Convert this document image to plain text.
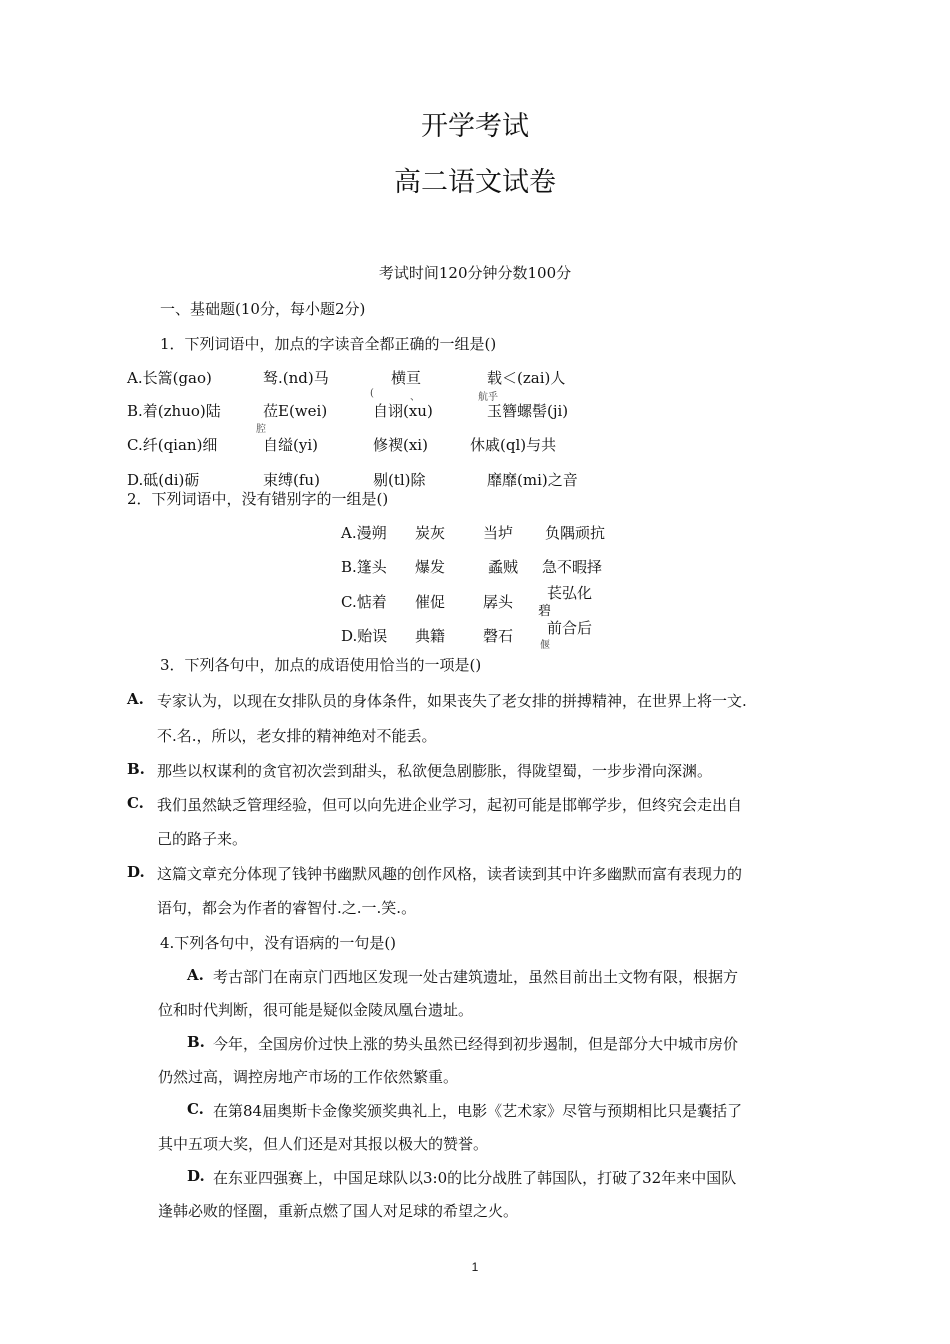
开学考试
高二语文试卷
考试时间120分钟分数100分
一、基础题(10分，每小题2分)
1．下列词语中，加点的字读音全都正确的一组是()
A.长篙(gao)	驽.(nd)马	横亘	载＜(zai)人
(	、	航乎
B.着(zhuo)陆	莅E(wei)	自诩(xu)	玉簪螺髻(ji)
腔
C.纤(qian)细	自缢(yi)	修褉(xi)	休戚(ql)与共
D.砥(di)砺	束缚(fu)	剔(tl)除	靡靡(mi)之音
2．下列词语中，没有错别字的一组是()
A.漫朔 炭灰	当垆 负隅顽抗
B.篷头 爆发	蟊贼 急不暇择
C.惦着 催促	孱头 苌弘化
碧
D.贻误 典籍	磬石 前合后
偃
3．下列各句中，加点的成语使用恰当的一项是()
A. 专家认为，以现在女排队员的身体条件，如果丧失了老女排的拼搏精神，在世界上将一文.
不.名.，所以，老女排的精神绝对不能丢。
B. 那些以权谋利的贪官初次尝到甜头，私欲便急剧膨胀，得陇望蜀，一步步滑向深渊。
C. 我们虽然缺乏管理经验，但可以向先进企业学习，起初可能是邯郸学步，但终究会走出自
己的路子来。
D. 这篇文章充分体现了钱钟书幽默风趣的创作风格，读者读到其中许多幽默而富有表现力的
语句，都会为作者的睿智付.之.一.笑.。
4.下列各句中，没有语病的一句是()
A. 考古部门在南京门西地区发现一处古建筑遗址，虽然目前出土文物有限，根据方
位和时代判断，很可能是疑似金陵凤凰台遗址。
B. 今年，全国房价过快上涨的势头虽然已经得到初步遏制，但是部分大中城市房价
仍然过高，调控房地产市场的工作依然繁重。
C. 在第84届奥斯卡金像奖颁奖典礼上，电影《艺术家》尽管与预期相比只是囊括了
其中五项大奖，但人们还是对其报以极大的赞誉。
D. 在东亚四强赛上，中国足球队以3:0的比分战胜了韩国队，打破了32年来中国队
逢韩必败的怪圈，重新点燃了国人对足球的希望之火。
1
